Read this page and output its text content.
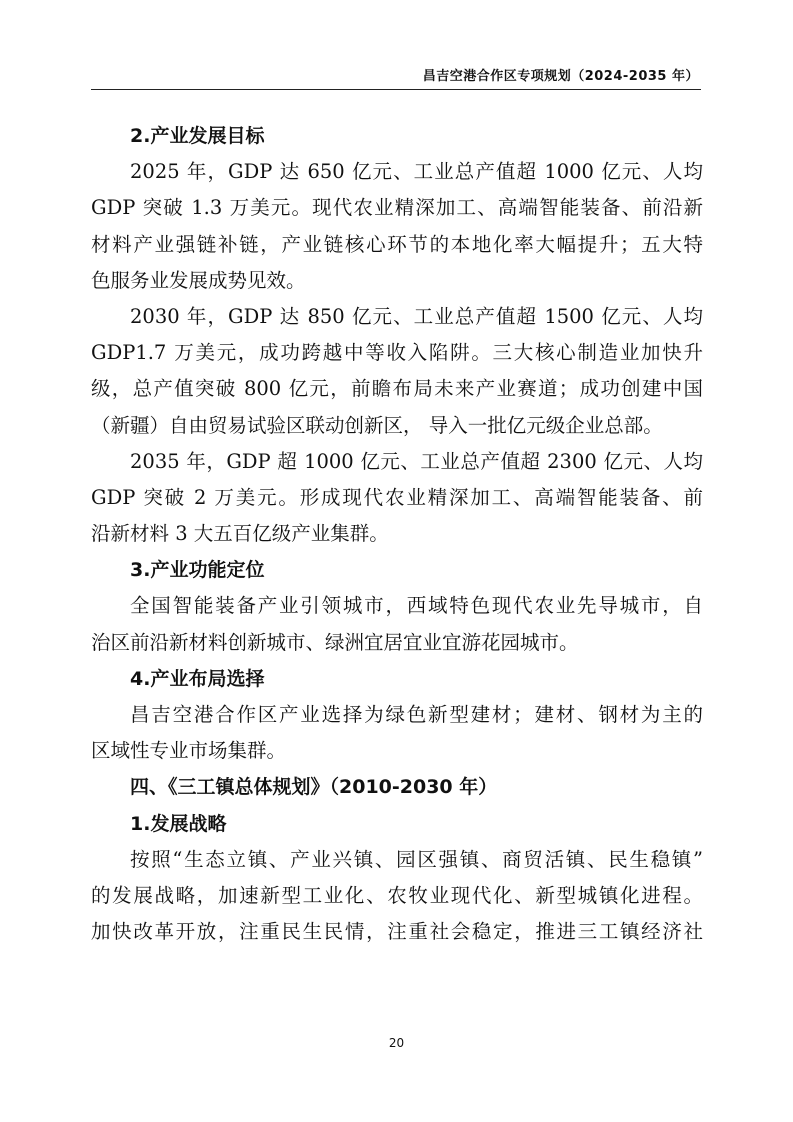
昌吉空港合作区专项规划（2024-2035 年）
2.产业发展目标
2025 年，GDP 达 650 亿元、工业总产值超 1000 亿元、人均
GDP 突破 1.3 万美元。现代农业精深加工、高端智能装备、前沿新
材料产业强链补链，产业链核心环节的本地化率大幅提升；五大特
色服务业发展成势见效。
2030 年，GDP 达 850 亿元、工业总产值超 1500 亿元、人均
GDP1.7 万美元，成功跨越中等收入陷阱。三大核心制造业加快升
级，总产值突破 800 亿元，前瞻布局未来产业赛道；成功创建中国
（新疆）自由贸易试验区联动创新区， 导入一批亿元级企业总部。
2035 年，GDP 超 1000 亿元、工业总产值超 2300 亿元、人均
GDP 突破 2 万美元。形成现代农业精深加工、高端智能装备、前
沿新材料 3 大五百亿级产业集群。
3.产业功能定位
全国智能装备产业引领城市，西域特色现代农业先导城市，自
治区前沿新材料创新城市、绿洲宜居宜业宜游花园城市。
4.产业布局选择
昌吉空港合作区产业选择为绿色新型建材；建材、钢材为主的
区域性专业市场集群。
四、《三工镇总体规划》（2010-2030 年）
1.发展战略
按照“生态立镇、产业兴镇、园区强镇、商贸活镇、民生稳镇”
的发展战略，加速新型工业化、农牧业现代化、新型城镇化进程。
加快改革开放，注重民生民情，注重社会稳定，推进三工镇经济社
20
